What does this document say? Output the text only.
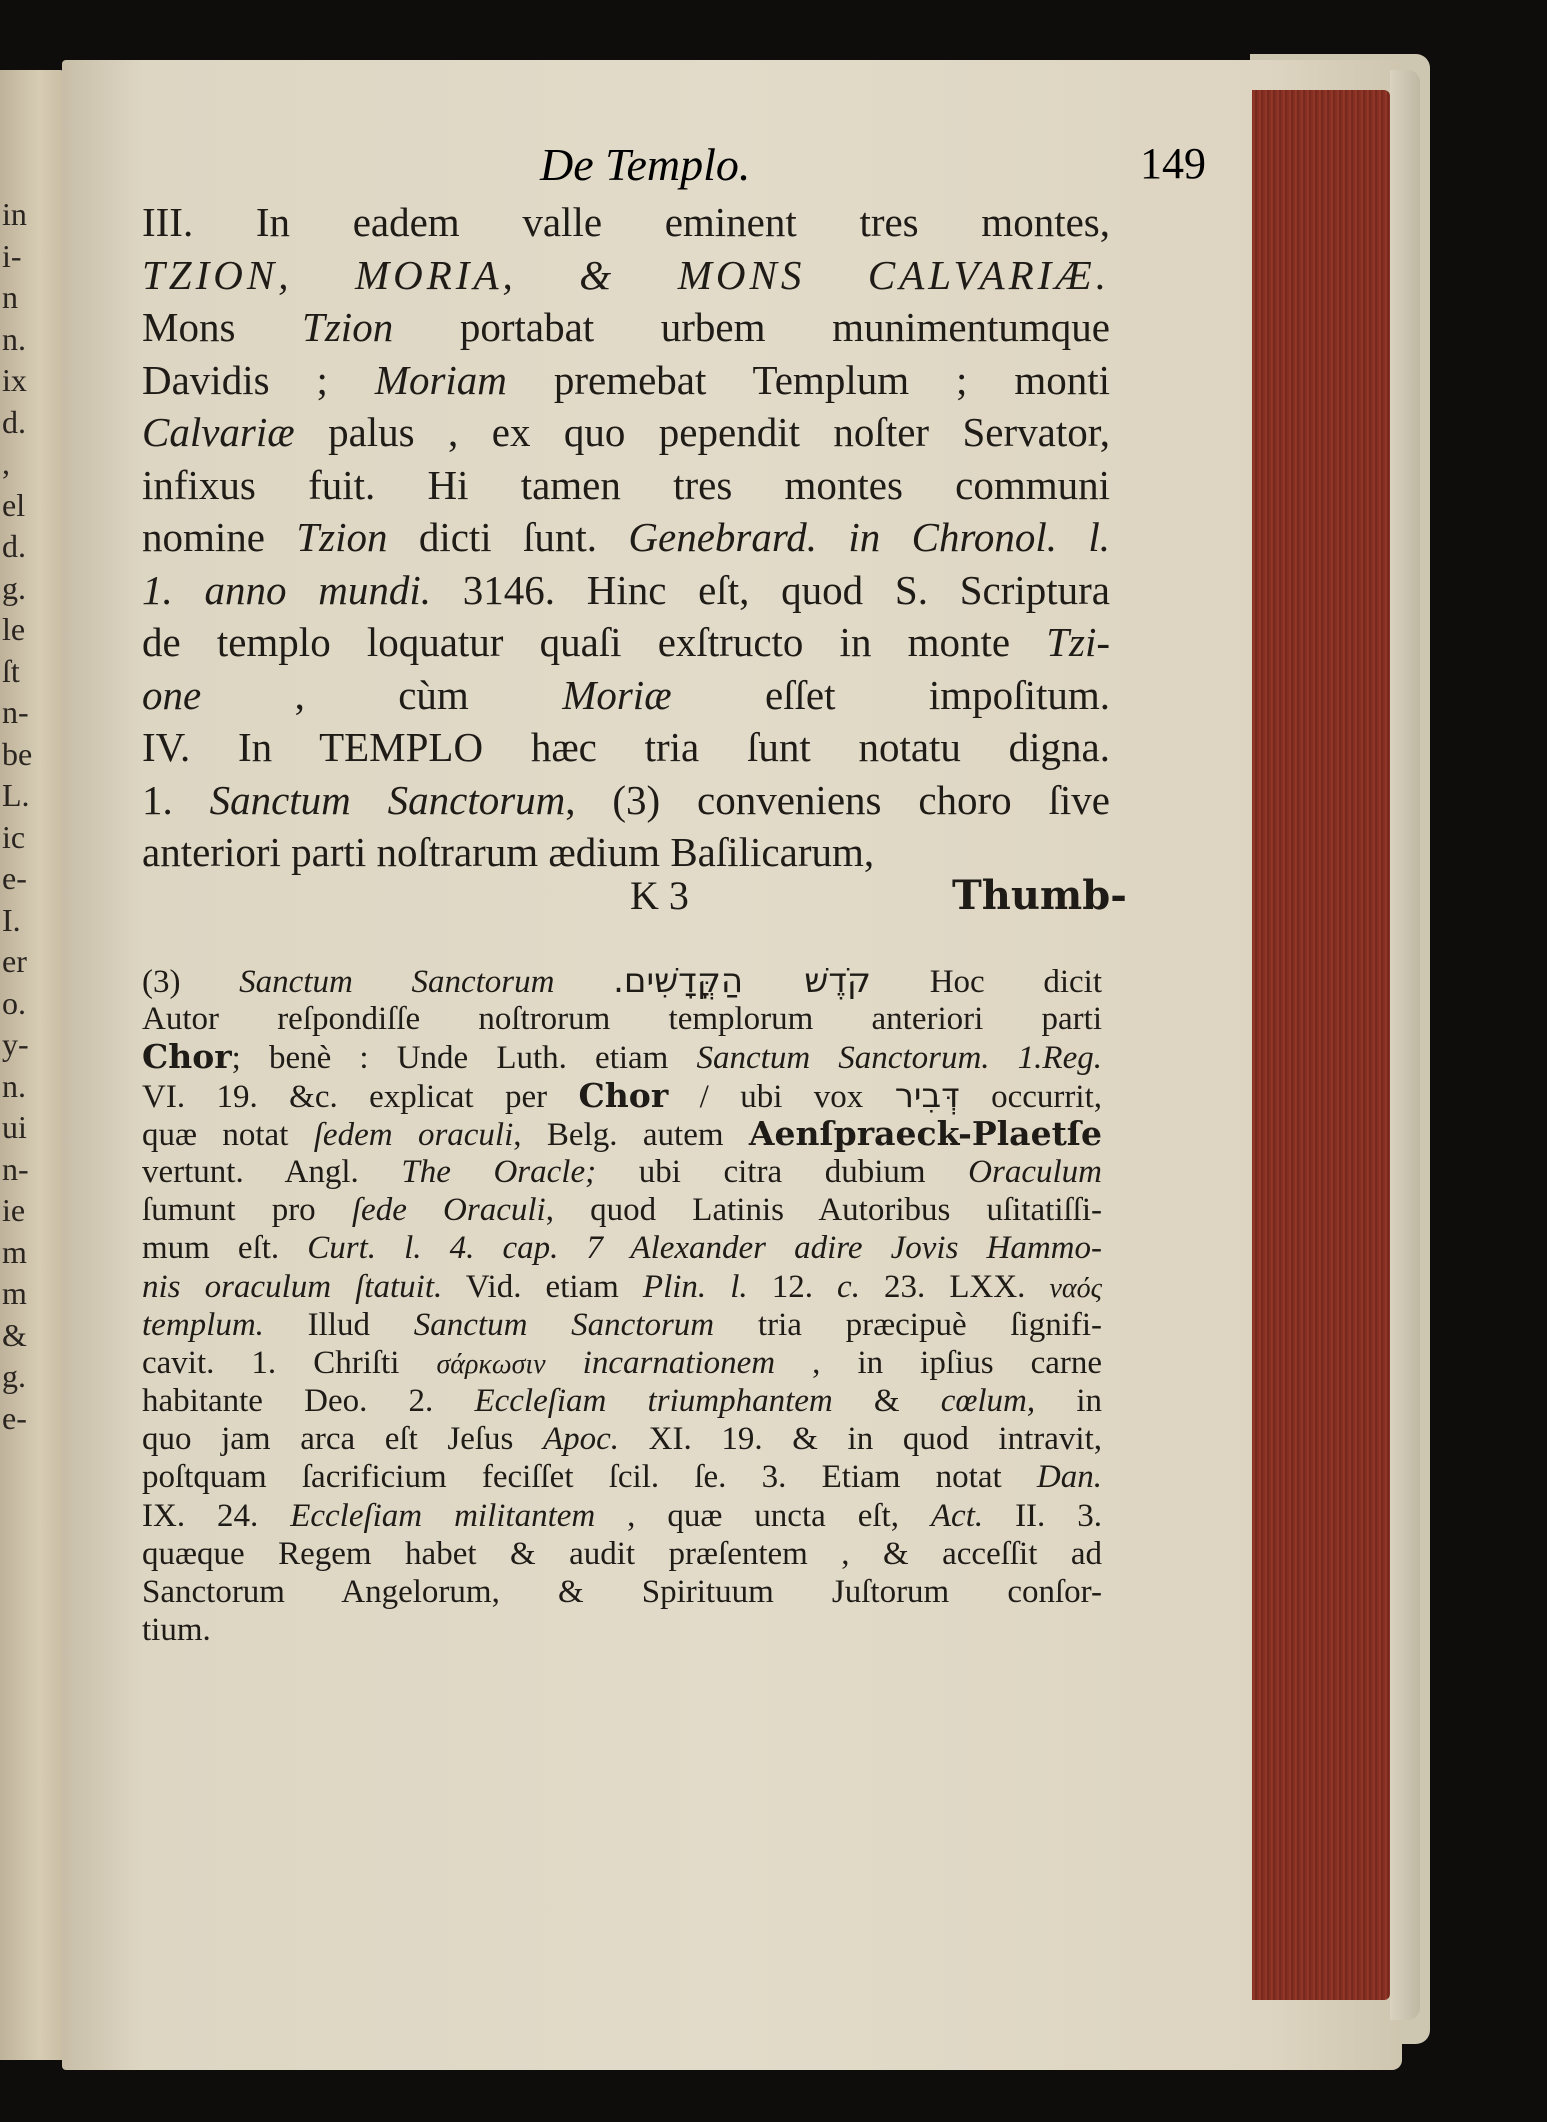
in
i-
n
n.
ix
d.
,
el
d.
g.
le
ſt
n-
be
L.
ic
e-
I.
er
o.
y-
n.
ui
n-
ie
m
m
&
g.
e-
De Templo.	149
III. In eadem valle eminent tres montes,
TZION, MORIA, & MONS CALVARIÆ.
Mons Tzion portabat urbem munimentumque
Davidis ; Moriam premebat Templum ; monti
Calvariæ palus , ex quo pependit noſter Servator,
infixus fuit. Hi tamen tres montes communi
nomine Tzion dicti ſunt. Genebrard. in Chronol. l.
1. anno mundi. 3146. Hinc eſt, quod S. Scriptura
de templo loquatur quaſi exſtructo in monte Tzi-
one , cùm Moriæ eſſet impoſitum.
IV. In TEMPLO hæc tria ſunt notatu digna.
1. Sanctum Sanctorum, (3) conveniens choro ſive
anteriori parti noſtrarum ædium Baſilicarum,
K 3	Thumb-
(3) Sanctum Sanctorum קֹדֶשׁ הַקֳּדָשִׁים. Hoc dicit
Autor reſpondiſſe noſtrorum templorum anteriori parti
Chor; benè : Unde Luth. etiam Sanctum Sanctorum. 1.Reg.
VI. 19. &c. explicat per Chor / ubi vox דְּבִיר occurrit,
quæ notat ſedem oraculi, Belg. autem Aenſpraeck-Plaetſe
vertunt. Angl. The Oracle; ubi citra dubium Oraculum
ſumunt pro ſede Oraculi, quod Latinis Autoribus uſitatiſſi-
mum eſt. Curt. l. 4. cap. 7 Alexander adire Jovis Hammo-
nis oraculum ſtatuit. Vid. etiam Plin. l. 12. c. 23. LXX. ναός
templum. Illud Sanctum Sanctorum tria præcipuè ſignifi-
cavit. 1. Chriſti σάρκωσιν incarnationem , in ipſius carne
habitante Deo. 2. Eccleſiam triumphantem & cœlum, in
quo jam arca eſt Jeſus Apoc. XI. 19. & in quod intravit,
poſtquam ſacrificium feciſſet ſcil. ſe. 3. Etiam notat Dan.
IX. 24. Eccleſiam militantem , quæ uncta eſt, Act. II. 3.
quæque Regem habet & audit præſentem , & acceſſit ad
Sanctorum Angelorum, & Spirituum Juſtorum conſor-
tium.
